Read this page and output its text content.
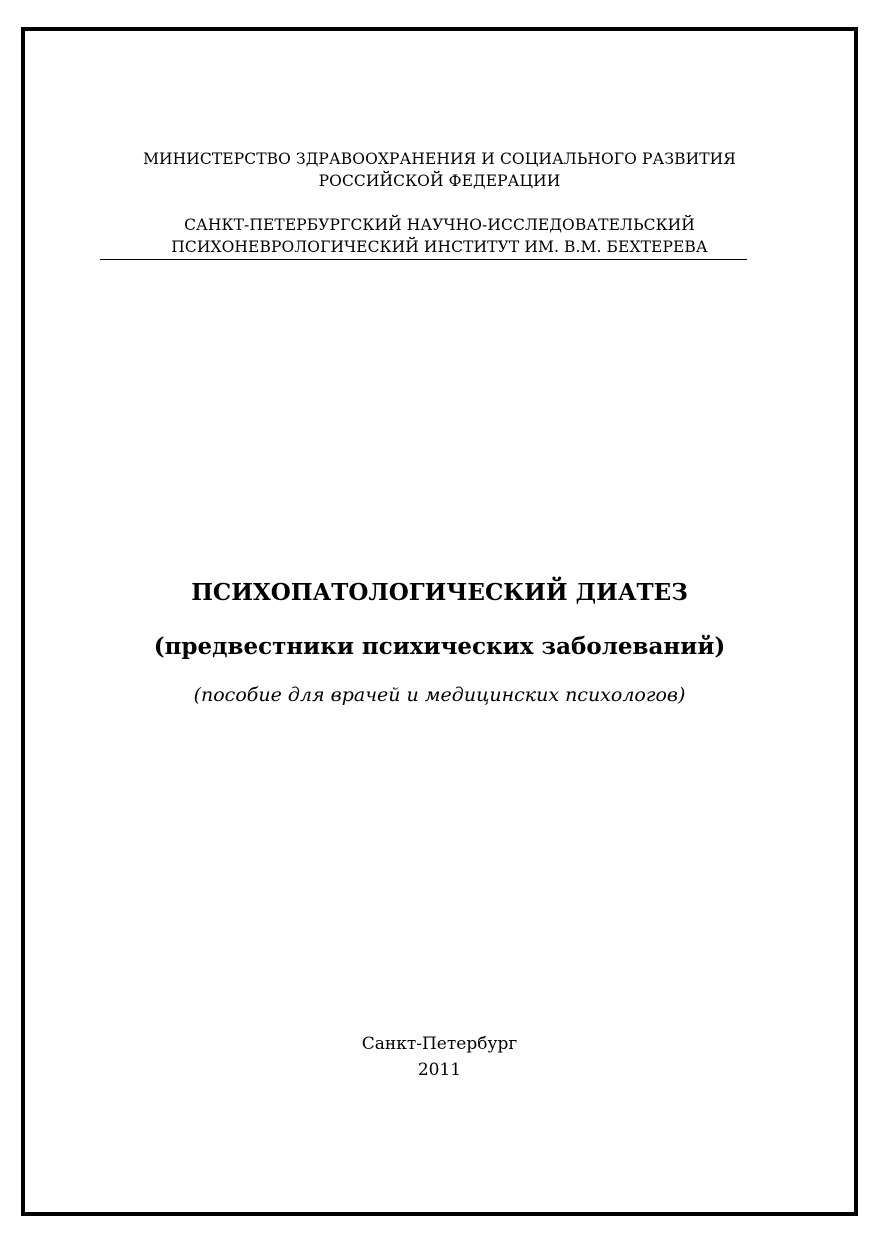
МИНИСТЕРСТВО ЗДРАВООХРАНЕНИЯ И СОЦИАЛЬНОГО РАЗВИТИЯ
РОССИЙСКОЙ ФЕДЕРАЦИИ
САНКТ-ПЕТЕРБУРГСКИЙ НАУЧНО-ИССЛЕДОВАТЕЛЬСКИЙ
ПСИХОНЕВРОЛОГИЧЕСКИЙ ИНСТИТУТ ИМ. В.М. БЕХТЕРЕВА
ПСИХОПАТОЛОГИЧЕСКИЙ ДИАТЕЗ
(предвестники психических заболеваний)
(пособие для врачей и медицинских психологов)
Санкт-Петербург
2011
